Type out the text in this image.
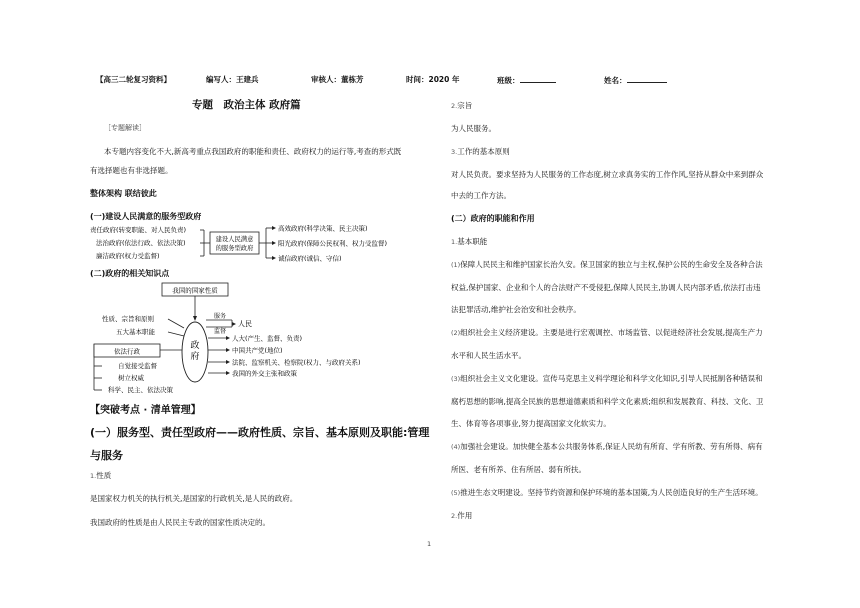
【高三二轮复习资料】	编写人：王建兵	审核人：董栋芳	时间：2020 年	班级：	姓名：
专题　政治主体 政府篇
［专题解读］
本专题内容变化不大,新高考重点我国政府的职能和责任、政府权力的运行等,考查的形式既
有选择题也有非选择题。
整体架构 联结彼此
(一)建设人民满意的服务型政府
责任政府(转变职能、对人民负责)
法治政府(依法行政、依法决策)
廉洁政府(权力受监督)
建设人民满意
的服务型政府
高效政府(科学决策、民主决策)
阳光政府(保障公民权利、权力受监督)
诚信政府(诚信、守信)
(二)政府的相关知识点
我国的国家性质
性质、宗旨和原则
五大基本职能
依法行政
自觉接受监督
树立权威
科学、民主、依法决策
政府
服务
监督
人民
人大(产生、监督、负责)
中国共产党(地位)
法院、监察机关、检察院(权力、与政府关系)
我国的外交主张和政策
【突破考点 · 清单管理】
(一）服务型、责任型政府——政府性质、宗旨、基本原则及职能:管理
与服务
1.性质
是国家权力机关的执行机关,是国家的行政机关,是人民的政府。
我国政府的性质是由人民民主专政的国家性质决定的。
2.宗旨
为人民服务。
3.工作的基本原则
对人民负责。要求坚持为人民服务的工作态度,树立求真务实的工作作风,坚持从群众中来到群众
中去的工作方法。
(二）政府的职能和作用
1.基本职能
(1)保障人民民主和维护国家长治久安。保卫国家的独立与主权,保护公民的生命安全及各种合法
权益,保护国家、企业和个人的合法财产不受侵犯,保障人民民主,协调人民内部矛盾,依法打击违
法犯罪活动,维护社会治安和社会秩序。
(2)组织社会主义经济建设。主要是进行宏观调控、市场监管、以促进经济社会发展,提高生产力
水平和人民生活水平。
(3)组织社会主义文化建设。宣传马克思主义科学理论和科学文化知识,引导人民抵制各种错误和
腐朽思想的影响,提高全民族的思想道德素质和科学文化素质;组织和发展教育、科技、文化、卫
生、体育等各项事业,努力提高国家文化软实力。
(4)加强社会建设。加快健全基本公共服务体系,保证人民幼有所育、学有所教、劳有所得、病有
所医、老有所养、住有所居、弱有所扶。
(5)推进生态文明建设。坚持节约资源和保护环境的基本国策,为人民创造良好的生产生活环境。
2.作用
1
